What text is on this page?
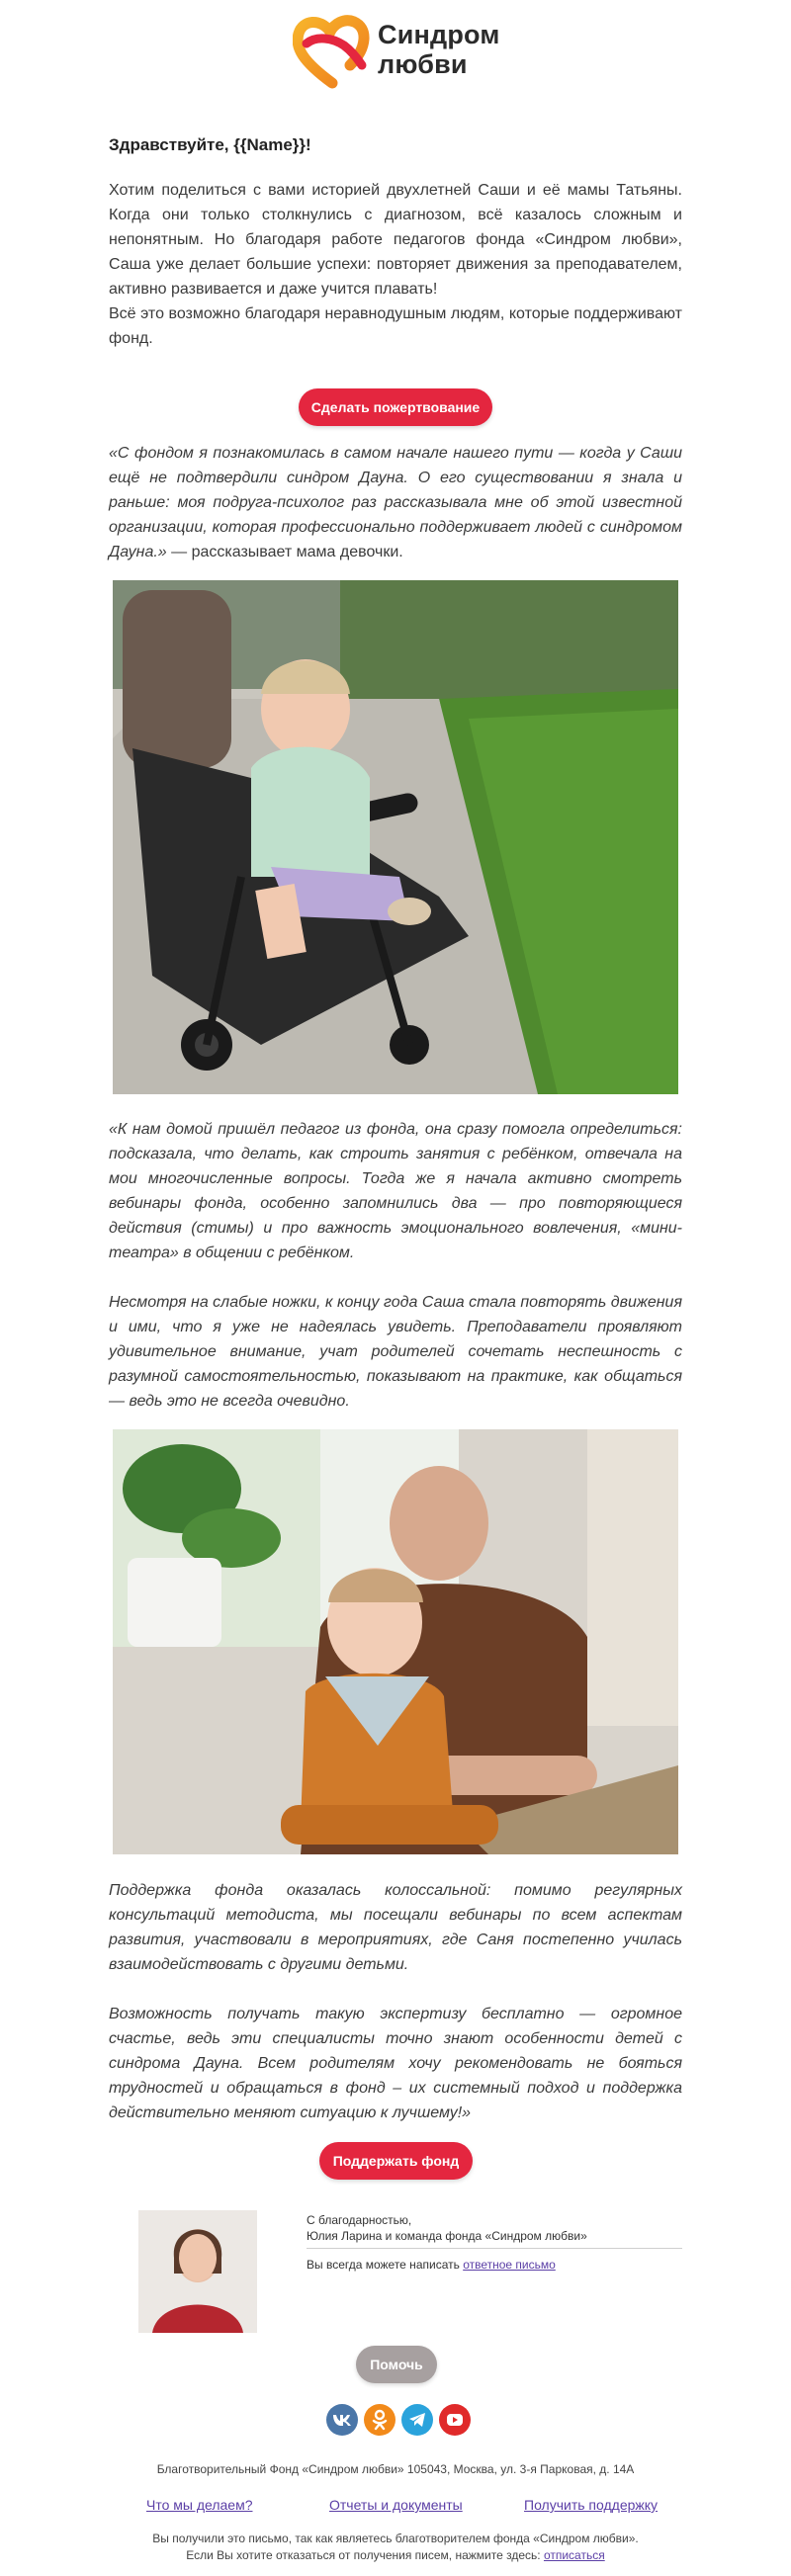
Синдром
любви
Здравствуйте, {{Name}}!

Хотим поделиться с вами историей двухлетней Саши и её мамы Татьяны. Когда они только столкнулись с диагнозом, всё казалось сложным и непонятным. Но благодаря работе педагогов фонда «Синдром любви», Саша уже делает большие успехи: повторяет движения за преподавателем, активно развивается и даже учится плавать!

Всё это возможно благодаря неравнодушным людям, которые поддерживают фонд.

Сделать пожертвование
«С фондом я познакомилась в самом начале нашего пути — когда у Саши ещё не подтвердили синдром Дауна. О его существовании я знала и раньше: моя подруга-психолог раз рассказывала мне об этой известной организации, которая профессионально поддерживает людей с синдромом Дауна.» — рассказывает мама девочки.
«К нам домой пришёл педагог из фонда, она сразу помогла определиться: подсказала, что делать, как строить занятия с ребёнком, отвечала на мои многочисленные вопросы. Тогда же я начала активно смотреть вебинары фонда, особенно запомнились два — про повторяющиеся действия (стимы) и про важность эмоционального вовлечения, «мини-театра» в общении с ребёнком.
Несмотря на слабые ножки, к концу года Саша стала повторять движения и ими, что я уже не надеялась увидеть. Преподаватели проявляют удивительное внимание, учат родителей сочетать неспешность с разумной самостоятельностью, показывают на практике, как общаться — ведь это не всегда очевидно.
Поддержка фонда оказалась колоссальной: помимо регулярных консультаций методиста, мы посещали вебинары по всем аспектам развития, участвовали в мероприятиях, где Саня постепенно училась взаимодействовать с другими детьми.
Возможность получать такую экспертизу бесплатно — огромное счастье, ведь эти специалисты точно знают особенности детей с синдрома Дауна. Всем родителям хочу рекомендовать не бояться трудностей и обращаться в фонд – их системный подход и поддержка действительно меняют ситуацию к лучшему!»
Поддержать фонд
С благодарностью,
Юлия Ларина и команда фонда «Синдром любви»
Вы всегда можете написать ответное письмо
Помочь
Благотворительный Фонд «Синдром любви» 105043, Москва, ул. 3-я Парковая, д. 14А
Что мы делаем?	Отчеты и документы	Получить поддержку
Вы получили это письмо, так как являетесь благотворителем фонда «Синдром любви».
Если Вы хотите отказаться от получения писем, нажмите здесь: отписаться
